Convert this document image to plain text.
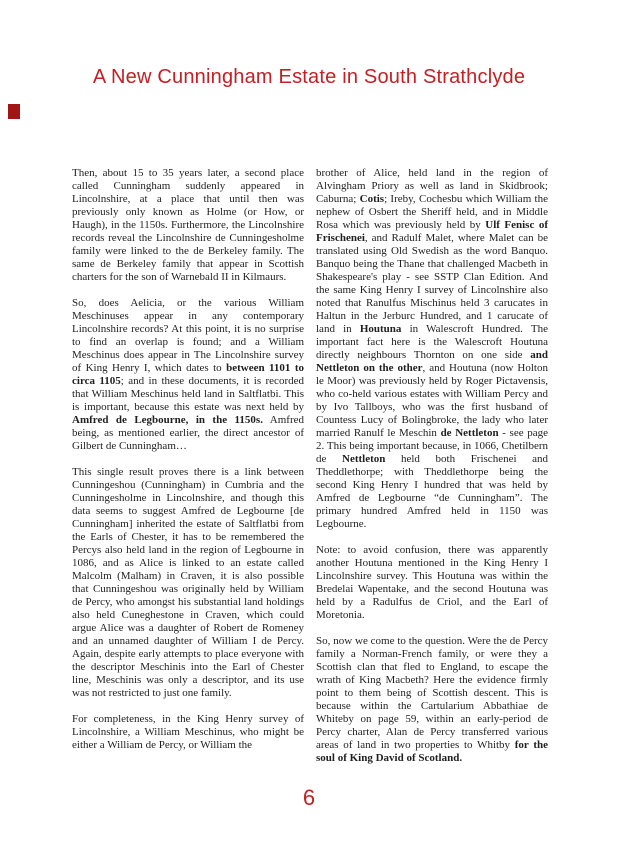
A New Cunningham Estate in South Strathclyde

Then, about 15 to 35 years later, a second place called Cunningham suddenly appeared in Lincolnshire, at a place that until then was previously only known as Holme (or How, or Haugh), in the 1150s. Furthermore, the Lincolnshire records reveal the Lincolnshire de Cunningesholme family were linked to the de Berkeley family. The same de Berkeley family that appear in Scottish charters for the son of Warnebald II in Kilmaurs.

So, does Aelicia, or the various William Meschinuses appear in any contemporary Lincolnshire records? At this point, it is no surprise to find an overlap is found; and a William Meschinus does appear in The Lincolnshire survey of King Henry I, which dates to between 1101 to circa 1105; and in these documents, it is recorded that William Meschinus held land in Saltflatbi. This is important, because this estate was next held by Amfred de Legbourne, in the 1150s. Amfred being, as mentioned earlier, the direct ancestor of Gilbert de Cunningham…

This single result proves there is a link between Cunningeshou (Cunningham) in Cumbria and the Cunningesholme in Lincolnshire, and though this data seems to suggest Amfred de Legbourne [de Cunningham] inherited the estate of Saltflatbi from the Earls of Chester, it has to be remembered the Percys also held land in the region of Legbourne in 1086, and as Alice is linked to an estate called Malcolm (Malham) in Craven, it is also possible that Cunningeshou was originally held by William de Percy, who amongst his substantial land holdings also held Cuneghestone in Craven, which could argue Alice was a daughter of Robert de Romeney and an unnamed daughter of William I de Percy. Again, despite early attempts to place everyone with the descriptor Meschinis into the Earl of Chester line, Meschinis was only a descriptor, and its use was not restricted to just one family.

For completeness, in the King Henry survey of Lincolnshire, a William Meschinus, who might be either a William de Percy, or William the

brother of Alice, held land in the region of Alvingham Priory as well as land in Skidbrook; Caburna; Cotis; Ireby, Cochesbu which William the nephew of Osbert the Sheriff held, and in Middle Rosa which was previously held by Ulf Fenisc of Frischenei, and Radulf Malet, where Malet can be translated using Old Swedish as the word Banquo. Banquo being the Thane that challenged Macbeth in Shakespeare's play - see SSTP Clan Edition. And the same King Henry I survey of Lincolnshire also noted that Ranulfus Mischinus held 3 carucates in Haltun in the Jerburc Hundred, and 1 carucate of land in Houtuna in Walescroft Hundred. The important fact here is the Walescroft Houtuna directly neighbours Thornton on one side and Nettleton on the other, and Houtuna (now Holton le Moor) was previously held by Roger Pictavensis, who co-held various estates with William Percy and by Ivo Tallboys, who was the first husband of Countess Lucy of Bolingbroke, the lady who later married Ranulf le Meschin de Nettleton - see page 2. This being important because, in 1066, Chetilbern de Nettleton held both Frischenei and Theddlethorpe; with Theddlethorpe being the second King Henry I hundred that was held by Amfred de Legbourne “de Cunningham”. The primary hundred Amfred held in 1150 was Legbourne.

Note: to avoid confusion, there was apparently another Houtuna mentioned in the King Henry I Lincolnshire survey. This Houtuna was within the Bredelai Wapentake, and the second Houtuna was held by a Radulfus de Criol, and the Earl of Moretonia.

So, now we come to the question. Were the de Percy family a Norman-French family, or were they a Scottish clan that fled to England, to escape the wrath of King Macbeth? Here the evidence firmly point to them being of Scottish descent. This is because within the Cartularium Abbathiae de Whiteby on page 59, within an early-period de Percy charter, Alan de Percy transferred various areas of land in two properties to Whitby for the soul of King David of Scotland.

6
